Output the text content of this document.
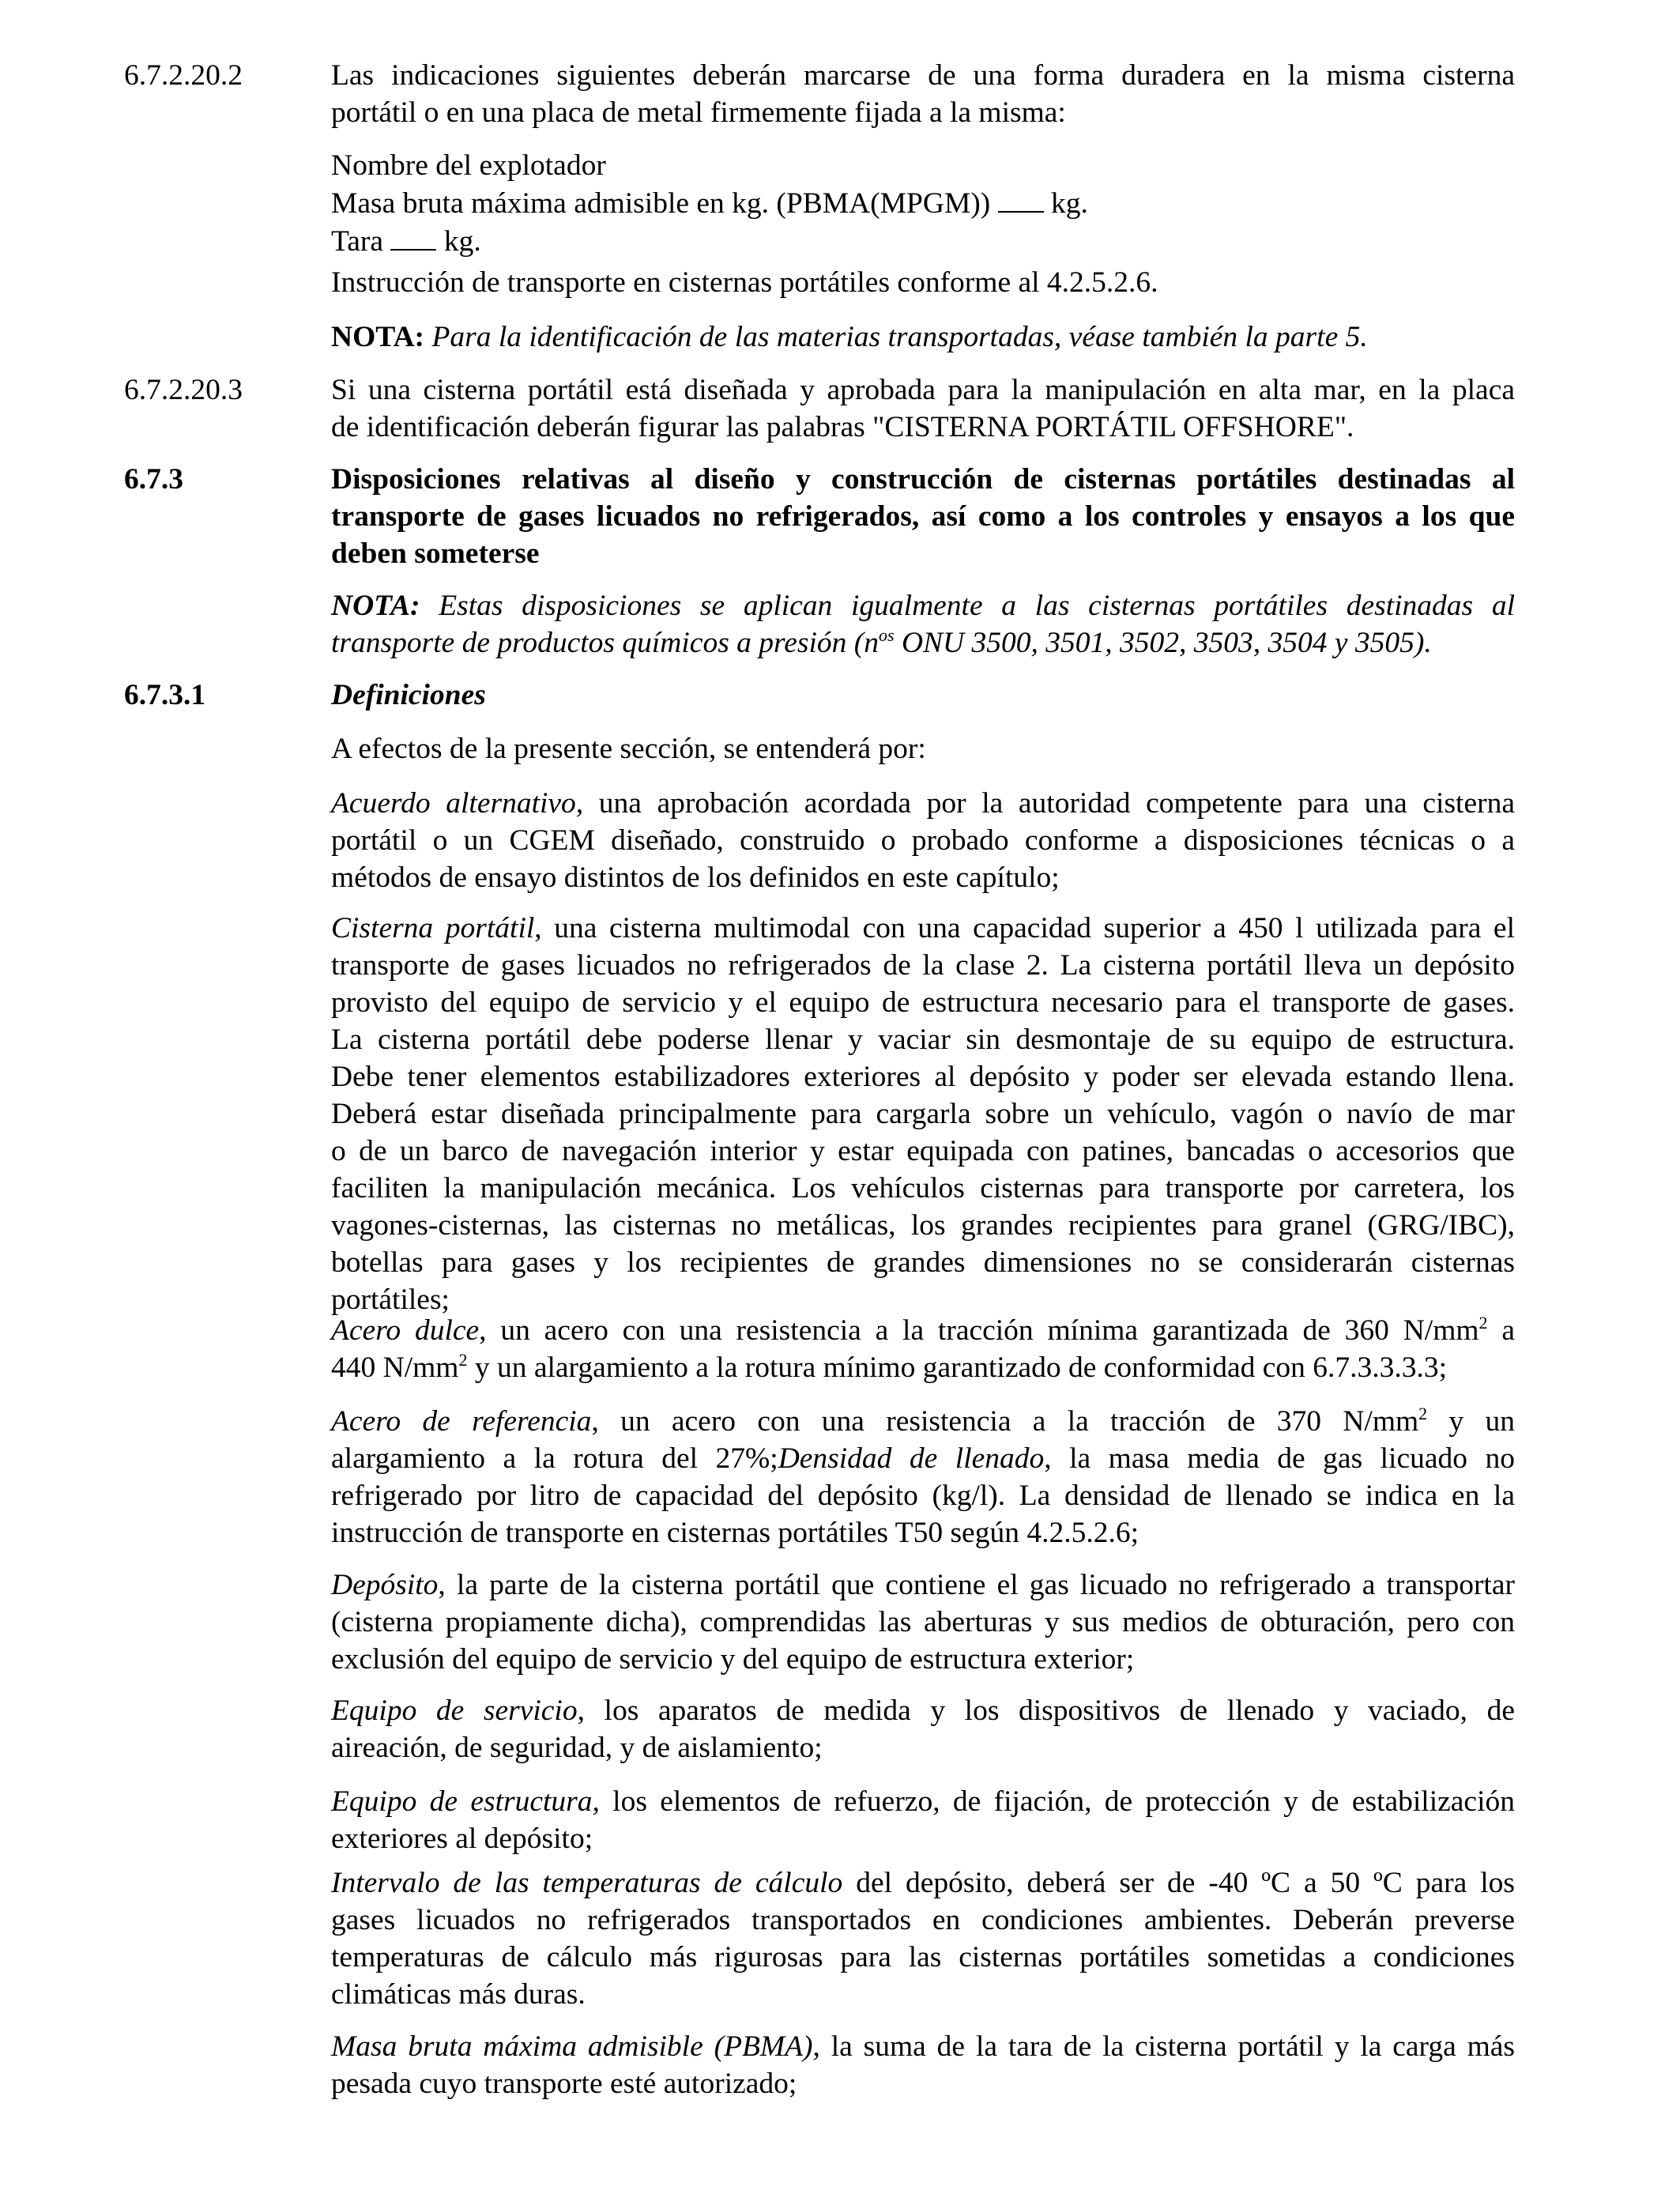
6.7.2.20.2	Las indicaciones siguientes deberán marcarse de una forma duradera en la misma cisterna
portátil o en una placa de metal firmemente fijada a la misma:
Nombre del explotador
Masa bruta máxima admisible en kg. (PBMA(MPGM)) kg.
Tara kg.
Instrucción de transporte en cisternas portátiles conforme al 4.2.5.2.6.
NOTA: Para la identificación de las materias transportadas, véase también la parte 5.
6.7.2.20.3	Si una cisterna portátil está diseñada y aprobada para la manipulación en alta mar, en la placa
de identificación deberán figurar las palabras "CISTERNA PORTÁTIL OFFSHORE".
6.7.3	Disposiciones relativas al diseño y construcción de cisternas portátiles destinadas al
transporte de gases licuados no refrigerados, así como a los controles y ensayos a los que
deben someterse
NOTA: Estas disposiciones se aplican igualmente a las cisternas portátiles destinadas al
transporte de productos químicos a presión ($n^{os}$ ONU 3500, 3501, 3502, 3503, 3504 y 3505).
6.7.3.1	Definiciones
A efectos de la presente sección, se entenderá por:
Acuerdo alternativo, una aprobación acordada por la autoridad competente para una cisterna
portátil o un CGEM diseñado, construido o probado conforme a disposiciones técnicas o a
métodos de ensayo distintos de los definidos en este capítulo;
Cisterna portátil, una cisterna multimodal con una capacidad superior a 450 l utilizada para el
transporte de gases licuados no refrigerados de la clase 2. La cisterna portátil lleva un depósito
provisto del equipo de servicio y el equipo de estructura necesario para el transporte de gases.
La cisterna portátil debe poderse llenar y vaciar sin desmontaje de su equipo de estructura.
Debe tener elementos estabilizadores exteriores al depósito y poder ser elevada estando llena.
Deberá estar diseñada principalmente para cargarla sobre un vehículo, vagón o navío de mar
o de un barco de navegación interior y estar equipada con patines, bancadas o accesorios que
faciliten la manipulación mecánica. Los vehículos cisternas para transporte por carretera, los
vagones-cisternas, las cisternas no metálicas, los grandes recipientes para granel (GRG/IBC),
botellas para gases y los recipientes de grandes dimensiones no se considerarán cisternas
portátiles;
Acero dulce, un acero con una resistencia a la tracción mínima garantizada de 360 $N/mm^2$ a
440 $N/mm^2$ y un alargamiento a la rotura mínimo garantizado de conformidad con 6.7.3.3.3.3;
Acero de referencia, un acero con una resistencia a la tracción de 370 $N/mm^2$ y un
alargamiento a la rotura del 27%;Densidad de llenado, la masa media de gas licuado no
refrigerado por litro de capacidad del depósito (kg/l). La densidad de llenado se indica en la
instrucción de transporte en cisternas portátiles T50 según 4.2.5.2.6;
Depósito, la parte de la cisterna portátil que contiene el gas licuado no refrigerado a transportar
(cisterna propiamente dicha), comprendidas las aberturas y sus medios de obturación, pero con
exclusión del equipo de servicio y del equipo de estructura exterior;
Equipo de servicio, los aparatos de medida y los dispositivos de llenado y vaciado, de
aireación, de seguridad, y de aislamiento;
Equipo de estructura, los elementos de refuerzo, de fijación, de protección y de estabilización
exteriores al depósito;
Intervalo de las temperaturas de cálculo del depósito, deberá ser de -40 ºC a 50 ºC para los
gases licuados no refrigerados transportados en condiciones ambientes. Deberán preverse
temperaturas de cálculo más rigurosas para las cisternas portátiles sometidas a condiciones
climáticas más duras.
Masa bruta máxima admisible (PBMA), la suma de la tara de la cisterna portátil y la carga más
pesada cuyo transporte esté autorizado;
